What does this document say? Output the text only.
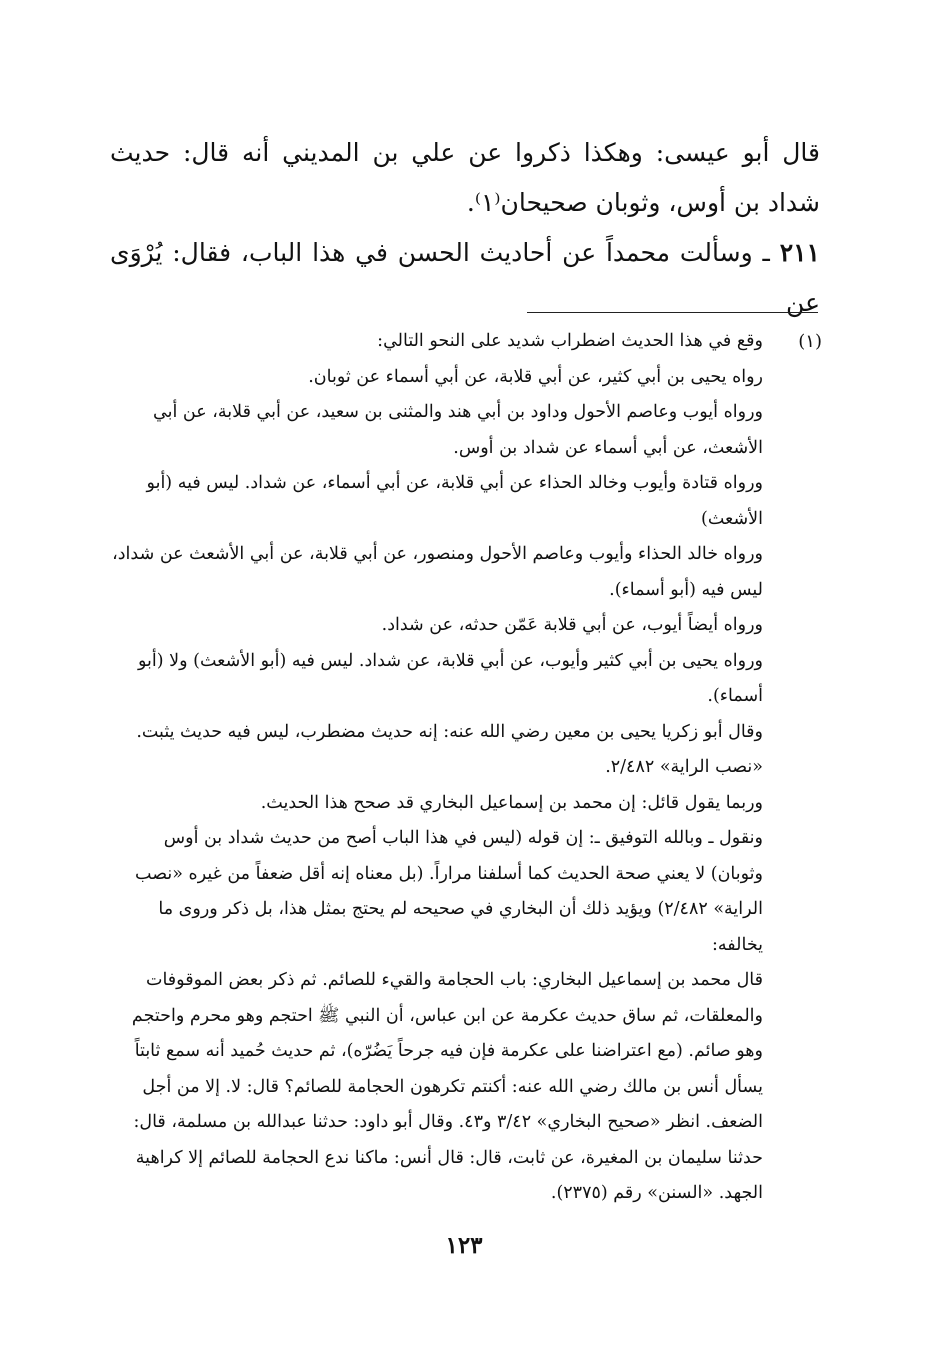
قال أبو عيسى: وهكذا ذكروا عن علي بن المديني أنه قال: حديث شداد بن أوس، وثوبان صحيحان⁽١⁾.

٢١١ ـ وسألت محمداً عن أحاديث الحسن في هذا الباب، فقال: يُرْوَى عن

(١)

وقع في هذا الحديث اضطراب شديد على النحو التالي:

رواه يحيى بن أبي كثير، عن أبي قلابة، عن أبي أسماء عن ثوبان.

ورواه أيوب وعاصم الأحول وداود بن أبي هند والمثنى بن سعيد، عن أبي قلابة، عن أبي الأشعث، عن أبي أسماء عن شداد بن أوس.

ورواه قتادة وأيوب وخالد الحذاء عن أبي قلابة، عن أبي أسماء، عن شداد. ليس فيه (أبو الأشعث)

ورواه خالد الحذاء وأيوب وعاصم الأحول ومنصور، عن أبي قلابة، عن أبي الأشعث عن شداد، ليس فيه (أبو أسماء).

ورواه أيضاً أيوب، عن أبي قلابة عَمّن حدثه، عن شداد.

ورواه يحيى بن أبي كثير وأيوب، عن أبي قلابة، عن شداد. ليس فيه (أبو الأشعث) ولا (أبو أسماء).

وقال أبو زكريا يحيى بن معين رضي الله عنه: إنه حديث مضطرب، ليس فيه حديث يثبت.

«نصب الراية» ٢/٤٨٢.

وربما يقول قائل: إن محمد بن إسماعيل البخاري قد صحح هذا الحديث.

ونقول ـ وبالله التوفيق ـ: إن قوله (ليس في هذا الباب أصح من حديث شداد بن أوس وثوبان) لا يعني صحة الحديث كما أسلفنا مراراً. (بل معناه إنه أقل ضعفاً من غيره «نصب الراية» ٢/٤٨٢) ويؤيد ذلك أن البخاري في صحيحه لم يحتج بمثل هذا، بل ذكر وروى ما يخالفه:

قال محمد بن إسماعيل البخاري: باب الحجامة والقيء للصائم. ثم ذكر بعض الموقوفات والمعلقات، ثم ساق حديث عكرمة عن ابن عباس، أن النبي ﷺ احتجم وهو محرم واحتجم وهو صائم. (مع اعتراضنا على عكرمة فإن فيه جرحاً يَضُرّه)، ثم حديث حُميد أنه سمع ثابتاً يسأل أنس بن مالك رضي الله عنه: أكنتم تكرهون الحجامة للصائم؟ قال: لا. إلا من أجل الضعف. انظر «صحيح البخاري» ٣/٤٢ و٤٣. وقال أبو داود: حدثنا عبدالله بن مسلمة، قال: حدثنا سليمان بن المغيرة، عن ثابت، قال: قال أنس: ماكنا ندع الحجامة للصائم إلا كراهية الجهد. «السنن» رقم (٢٣٧٥).

١٢٣
